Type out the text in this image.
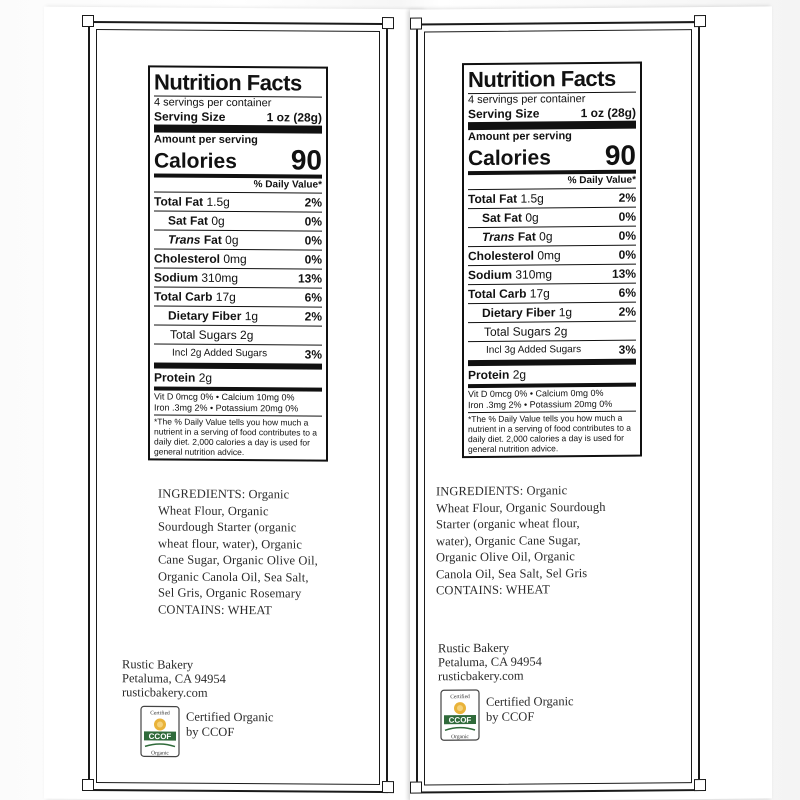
Nutrition Facts
4 servings per container
Serving Size	1 oz (28g)
Amount per serving
Calories 90
% Daily Value*
Total Fat 1.5g	2%
Sat Fat 0g	0%
Trans Fat 0g	0%
Cholesterol 0mg	0%
Sodium 310mg	13%
Total Carb 17g	6%
Dietary Fiber 1g	2%
Total Sugars 2g
Incl 2g Added Sugars	3%
Protein 2g
Vit D 0mcg 0% • Calcium 10mg 0%
Iron .3mg 2% • Potassium 20mg 0%
*The % Daily Value tells you how much a nutrient in a serving of food contributes to a daily diet. 2,000 calories a day is used for general nutrition advice.
INGREDIENTS: Organic
Wheat Flour, Organic
Sourdough Starter (organic
wheat flour, water), Organic
Cane Sugar, Organic Olive Oil,
Organic Canola Oil, Sea Salt,
Sel Gris, Organic Rosemary
CONTAINS: WHEAT
Rustic Bakery
Petaluma, CA 94954
rusticbakery.com
Certified
CCOF
Organic
Certified Organic
by CCOF
Nutrition Facts
4 servings per container
Serving Size	1 oz (28g)
Amount per serving
Calories 90
% Daily Value*
Total Fat 1.5g	2%
Sat Fat 0g	0%
Trans Fat 0g	0%
Cholesterol 0mg	0%
Sodium 310mg	13%
Total Carb 17g	6%
Dietary Fiber 1g	2%
Total Sugars 2g
Incl 3g Added Sugars	3%
Protein 2g
Vit D 0mcg 0% • Calcium 0mg 0%
Iron .3mg 2% • Potassium 20mg 0%
*The % Daily Value tells you how much a nutrient in a serving of food contributes to a daily diet. 2,000 calories a day is used for general nutrition advice.
INGREDIENTS: Organic
Wheat Flour, Organic Sourdough
Starter (organic wheat flour,
water), Organic Cane Sugar,
Organic Olive Oil, Organic
Canola Oil, Sea Salt, Sel Gris
CONTAINS: WHEAT
Rustic Bakery
Petaluma, CA 94954
rusticbakery.com
Certified
CCOF
Organic
Certified Organic
by CCOF
